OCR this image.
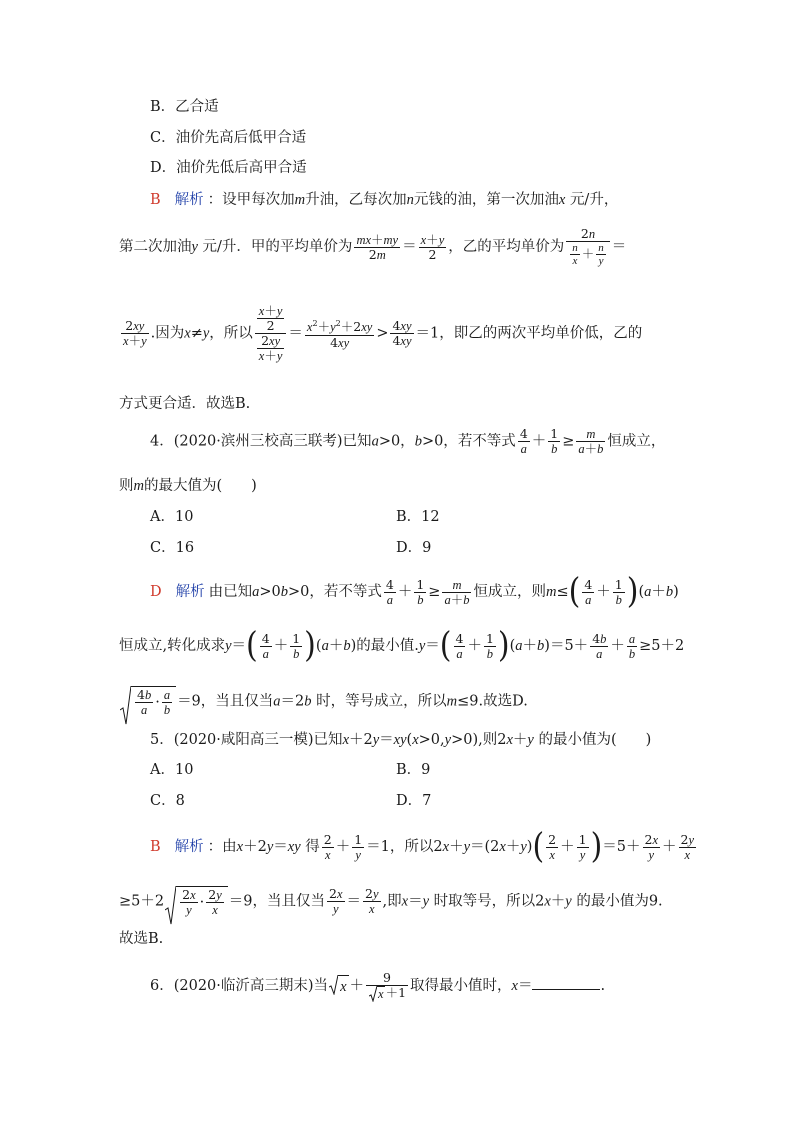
B．乙合适
C．油价先高后低甲合适
D．油价先低后高甲合适
B 解析 ：设甲每次加m升油，乙每次加n元钱的油，第一次加油x 元/升，
第二次加油y 元/升．甲的平均单价为 $\frac{mx+my}{2m} = \frac{x+y}{2}$ ，乙的平均单价为 $\frac{2n}{\frac{n}{x} + \frac{n}{y}}$ ＝
$\frac{2xy}{x+y}$ .因为x≠y，所以 $\frac{\frac{x+y}{2}}{\frac{2xy}{x+y}} = \frac{x^2+y^2+2xy}{4xy} > \frac{4xy}{4xy} =1$，即乙的两次平均单价低，乙的
方式更合适．故选B.
4．(2020·滨州三校高三联考)已知a>0，b>0，若不等式 $\frac{4}{a} + \frac{1}{b} \ge \frac{m}{a+b}$ 恒成立，
则m的最大值为(　　)
A．10	B．12
C．16	D．9
D 解析 由已知a>0b>0，若不等式 $\frac{4}{a} + \frac{1}{b} \ge \frac{m}{a+b}$ 恒成立，则$m\le( \frac{4}{a} + \frac{1}{b} )(a+b)$
恒成立,转化成求$y=( \frac{4}{a} + \frac{1}{b} )(a+b)$的最小值$.y=( \frac{4}{a} + \frac{1}{b} )(a+b)=5+ \frac{4b}{a} + \frac{a}{b} \ge 5+2$
$\frac{4b}{a} \cdot \frac{a}{b} =9$，当且仅当a＝2b 时，等号成立，所以m≤9.故选D.
5．(2020·咸阳高三一模)已知x＋2y＝xy(x>0,y>0),则2x＋y 的最小值为(　　)
A．10	B．9
C．8	D．7
B 解析 ：由x＋2y＝xy 得 $\frac{2}{x} + \frac{1}{y} =1$，所以$2x+y=(2x+y)( \frac{2}{x} + \frac{1}{y} )=5+ \frac{2x}{y} + \frac{2y}{x}$
$\ge 5+2 \frac{2x}{y} \cdot \frac{2y}{x} =9$，当且仅当 $\frac{2x}{y} = \frac{2y}{x}$ ,即x＝y 时取等号，所以2x＋y 的最小值为9.
故选B.
6．(2020·临沂高三期末)当 $x + \frac{9}{x +1}$ 取得最小值时，x＝	.
